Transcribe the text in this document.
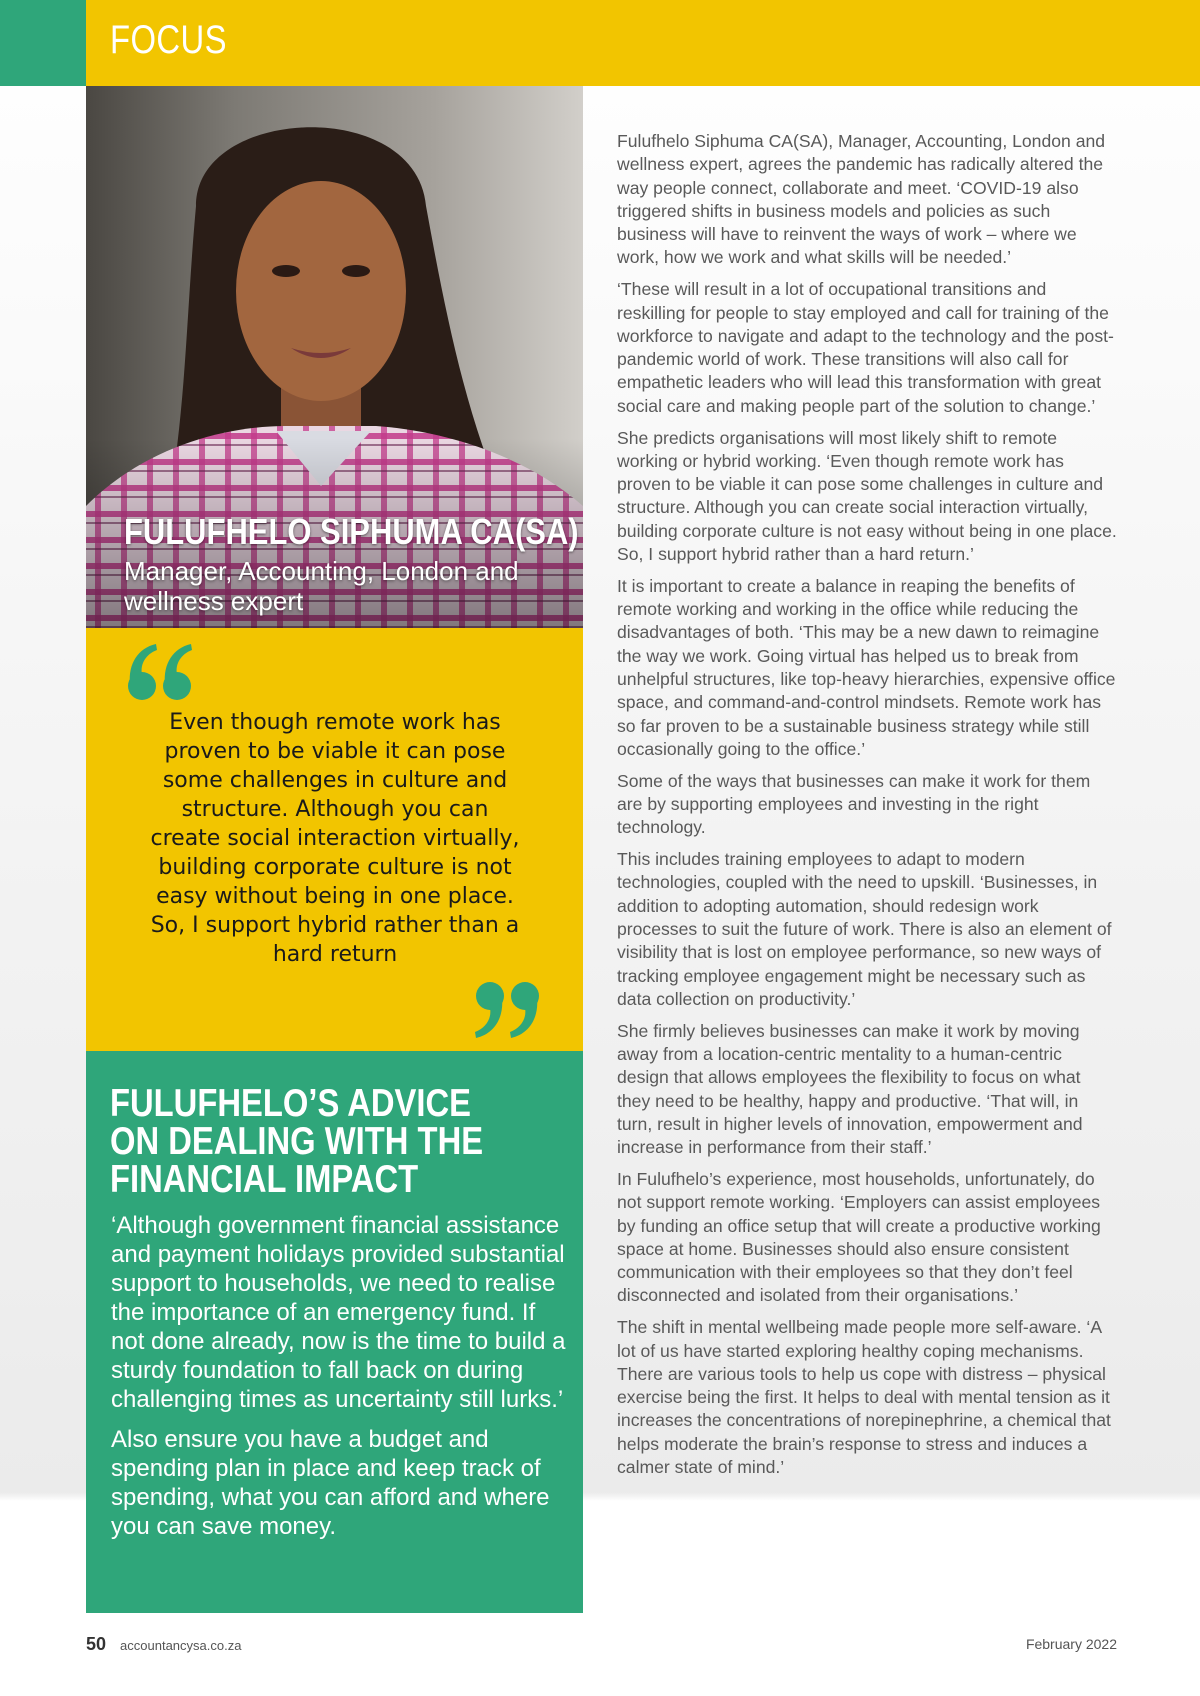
FOCUS
FULUFHELO SIPHUMA CA(SA)
Manager, Accounting, London and wellness expert
Even though remote work has proven to be viable it can pose some challenges in culture and structure. Although you can create social interaction virtually, building corporate culture is not easy without being in one place. So, I support hybrid rather than a hard return
FULUFHELO’S ADVICE
ON DEALING WITH THE
FINANCIAL IMPACT

‘Although government financial assistance and payment holidays provided substantial support to households, we need to realise the importance of an emergency fund. If not done already, now is the time to build a sturdy foundation to fall back on during challenging times as uncertainty still lurks.’

Also ensure you have a budget and spending plan in place and keep track of spending, what you can afford and where you can save money.

Fulufhelo Siphuma CA(SA), Manager, Accounting, London and wellness expert, agrees the pandemic has radically altered the way people connect, collaborate and meet. ‘COVID-19 also triggered shifts in business models and policies as such business will have to reinvent the ways of work – where we work, how we work and what skills will be needed.’

‘These will result in a lot of occupational transitions and reskilling for people to stay employed and call for training of the workforce to navigate and adapt to the technology and the post-pandemic world of work. These transitions will also call for empathetic leaders who will lead this transformation with great social care and making people part of the solution to change.’

She predicts organisations will most likely shift to remote working or hybrid working. ‘Even though remote work has proven to be viable it can pose some challenges in culture and structure. Although you can create social interaction virtually, building corporate culture is not easy without being in one place. So, I support hybrid rather than a hard return.’

It is important to create a balance in reaping the benefits of remote working and working in the office while reducing the disadvantages of both. ‘This may be a new dawn to reimagine the way we work. Going virtual has helped us to break from unhelpful structures, like top-heavy hierarchies, expensive office space, and command-and-control mindsets. Remote work has so far proven to be a sustainable business strategy while still occasionally going to the office.’

Some of the ways that businesses can make it work for them are by supporting employees and investing in the right technology.

This includes training employees to adapt to modern technologies, coupled with the need to upskill. ‘Businesses, in addition to adopting automation, should redesign work processes to suit the future of work. There is also an element of visibility that is lost on employee performance, so new ways of tracking employee engagement might be necessary such as data collection on productivity.’

She firmly believes businesses can make it work by moving away from a location-centric mentality to a human-centric design that allows employees the flexibility to focus on what they need to be healthy, happy and productive. ‘That will, in turn, result in higher levels of innovation, empowerment and increase in performance from their staff.’

In Fulufhelo’s experience, most households, unfortunately, do not support remote working. ‘Employers can assist employees by funding an office setup that will create a productive working space at home. Businesses should also ensure consistent communication with their employees so that they don’t feel disconnected and isolated from their organisations.’

The shift in mental wellbeing made people more self-aware. ‘A lot of us have started exploring healthy coping mechanisms. There are various tools to help us cope with distress – physical exercise being the first. It helps to deal with mental tension as it increases the concentrations of norepinephrine, a chemical that helps moderate the brain’s response to stress and induces a calmer state of mind.’

50 accountancysa.co.za	February 2022
